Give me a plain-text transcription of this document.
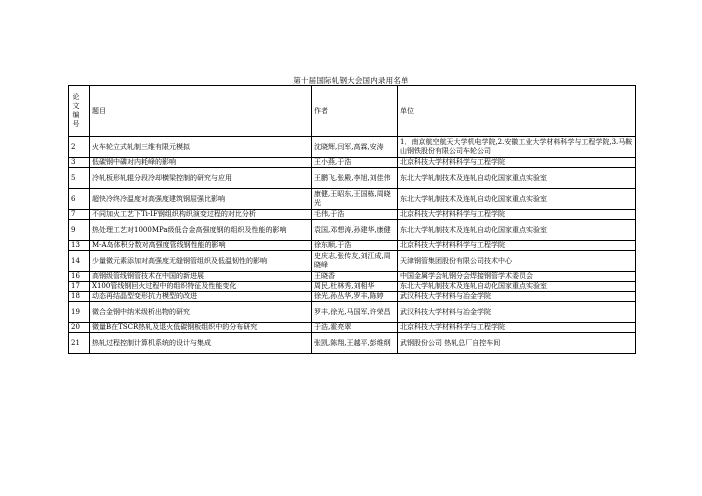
第十届国际轧钢大会国内录用名单
论
文
编
号	题目	作者	单位
2	火车轮立式轧制三维有限元模拟	沈晓辉,闫军,高霖,安涛	1．南京航空航天大学机电学院,2.安徽工业大学材料科学与工程学院,3.马鞍山钢铁股份有限公司车轮公司
3	低碳钢中磷对内耗峰的影响	王小燕,于浩	北京科技大学材料科学与工程学院
5	冷轧板形轧辊分段冷却横梁控制的研究与应用	王鹏飞,张殿,李旭,刘佳伟	东北大学轧制技术及连轧自动化国家重点实验室
6	超快冷终冷温度对高强度建筑钢屈强比影响	康健,王昭东,王国栋,周晓光	东北大学轧制技术及连轧自动化国家重点实验室
7	不同加火工艺下Ti-IF钢组织构织演变过程的对比分析	毛伟,于浩	北京科技大学材料科学与工程学院
9	热处理工艺对1000MPa级低合金高强度钢的组织及性能的影响	袁国,邓想涛,孙建华,康健	东北大学轧制技术及连轧自动化国家重点实验室
13	M-A岛体积分数对高强度管线钢性能的影响	徐东顺,于浩	北京科技大学材料科学与工程学院
14	少量微元素添加对高强度无缝钢管组织及低温韧性的影响	史庆志,张传友,刘江成,周晓峰	天津钢管集团股份有限公司技术中心
16	高钢级管线钢管技术在中国的新进展	王晓香	中国金属学会轧钢分会焊接钢管学术委员会
17	X100管线钢回火过程中的组织特征及性能变化	周民,杜林秀,刘相华	东北大学轧制技术及连轧自动化国家重点实验室
18	动态再结晶型变形抗力模型的改进	徐光,孙丛华,罗丰,陈婷	武汉科技大学材料与冶金学院
19	微合金钢中纳米级析出物的研究	罗丰,徐光,马国军,许荣昌	武汉科技大学材料与冶金学院
20	微量B在TSCR热轧及退火低碳钢板组织中的分布研究	于浩,霍亮翠	北京科技大学材料科学与工程学院
21	热轧过程控制计算机系统的设计与集成	张凯,陈翔,王越平,彭维纲	武钢股份公司 热轧总厂自控车间
